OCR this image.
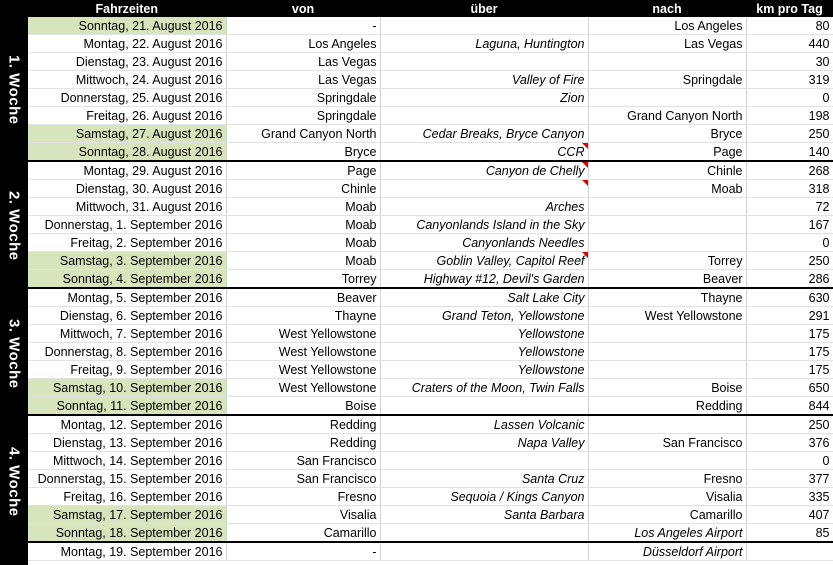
1. Woche
2. Woche
3. Woche
4. Woche
Fahrzeiten	von	über	nach	km pro Tag
Sonntag, 21. August 2016	-		Los Angeles	80
Montag, 22. August 2016	Los Angeles	Laguna, Huntington	Las Vegas	440
Dienstag, 23. August 2016	Las Vegas			30
Mittwoch, 24. August 2016	Las Vegas	Valley of Fire	Springdale	319
Donnerstag, 25. August 2016	Springdale	Zion		0
Freitag, 26. August 2016	Springdale		Grand Canyon North	198
Samstag, 27. August 2016	Grand Canyon North	Cedar Breaks, Bryce Canyon	Bryce	250
Sonntag, 28. August 2016	Bryce	CCR	Page	140
Montag, 29. August 2016	Page	Canyon de Chelly	Chinle	268
Dienstag, 30. August 2016	Chinle		Moab	318
Mittwoch, 31. August 2016	Moab	Arches		72
Donnerstag, 1. September 2016	Moab	Canyonlands Island in the Sky		167
Freitag, 2. September 2016	Moab	Canyonlands Needles		0
Samstag, 3. September 2016	Moab	Goblin Valley, Capitol Reef	Torrey	250
Sonntag, 4. September 2016	Torrey	Highway #12, Devil's Garden	Beaver	286
Montag, 5. September 2016	Beaver	Salt Lake City	Thayne	630
Dienstag, 6. September 2016	Thayne	Grand Teton, Yellowstone	West Yellowstone	291
Mittwoch, 7. September 2016	West Yellowstone	Yellowstone		175
Donnerstag, 8. September 2016	West Yellowstone	Yellowstone		175
Freitag, 9. September 2016	West Yellowstone	Yellowstone		175
Samstag, 10. September 2016	West Yellowstone	Craters of the Moon, Twin Falls	Boise	650
Sonntag, 11. September 2016	Boise		Redding	844
Montag, 12. September 2016	Redding	Lassen Volcanic		250
Dienstag, 13. September 2016	Redding	Napa Valley	San Francisco	376
Mittwoch, 14. September 2016	San Francisco			0
Donnerstag, 15. September 2016	San Francisco	Santa Cruz	Fresno	377
Freitag, 16. September 2016	Fresno	Sequoia / Kings Canyon	Visalia	335
Samstag, 17. September 2016	Visalia	Santa Barbara	Camarillo	407
Sonntag, 18. September 2016	Camarillo		Los Angeles Airport	85
Montag, 19. September 2016	-		Düsseldorf Airport	
